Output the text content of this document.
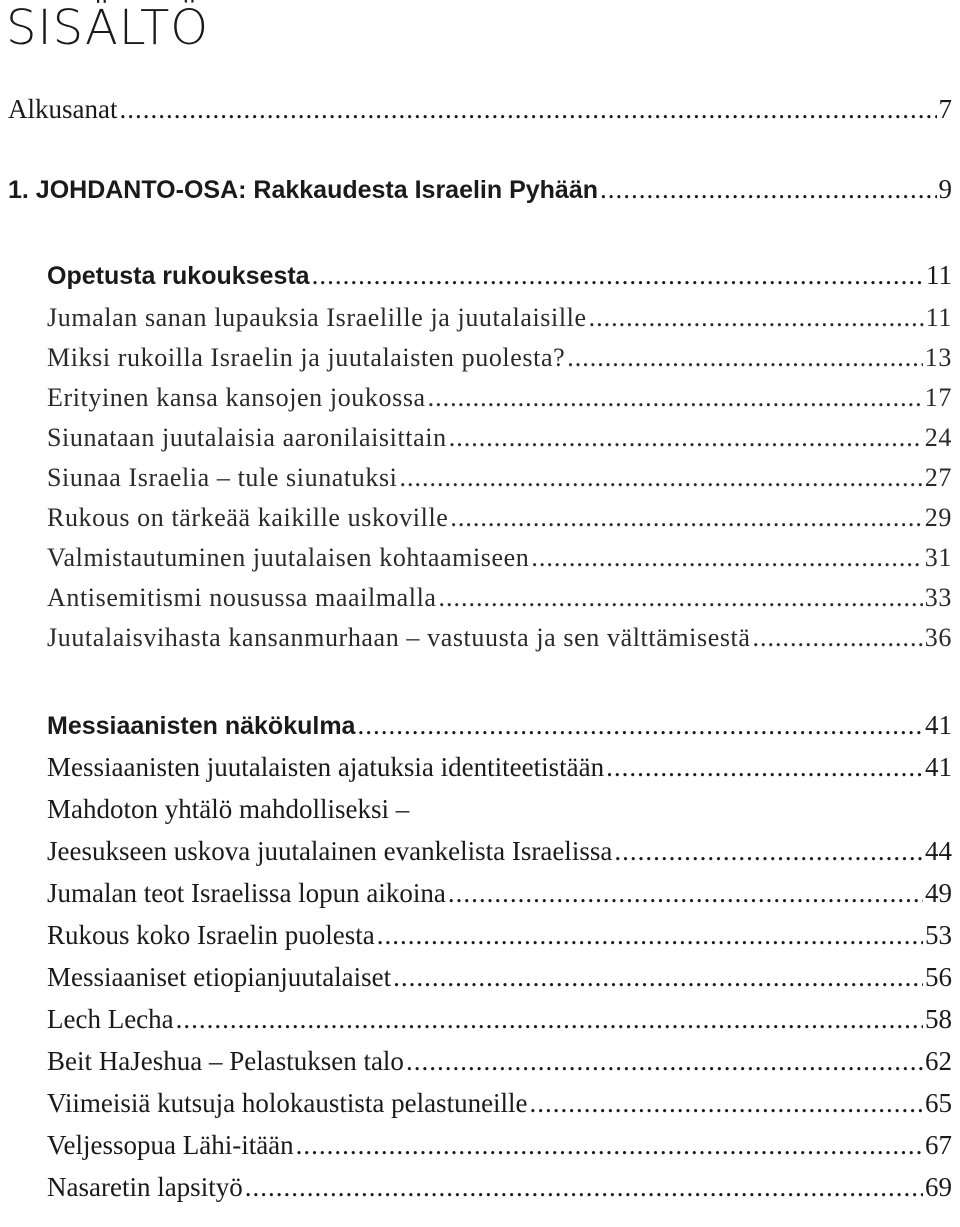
SISÄLTÖ
Alkusanat .....	7
1. JOHDANTO-OSA: Rakkaudesta Israelin Pyhään .....	9
Opetusta rukouksesta .....	11
Jumalan sanan lupauksia Israelille ja juutalaisille .....	11
Miksi rukoilla Israelin ja juutalaisten puolesta? .....	13
Erityinen kansa kansojen joukossa .....	17
Siunataan juutalaisia aaronilaisittain .....	24
Siunaa Israelia – tule siunatuksi .....	27
Rukous on tärkeää kaikille uskoville .....	29
Valmistautuminen juutalaisen kohtaamiseen .....	31
Antisemitismi nousussa maailmalla .....	33
Juutalaisvihasta kansanmurhaan – vastuusta ja sen välttämisestä .....	36
Messiaanisten näkökulma .....	41
Messiaanisten juutalaisten ajatuksia identiteetistään .....	41
Mahdoton yhtälö mahdolliseksi –
Jeesukseen uskova juutalainen evankelista Israelissa .....	44
Jumalan teot Israelissa lopun aikoina .....	49
Rukous koko Israelin puolesta .....	53
Messiaaniset etiopianjuutalaiset .....	56
Lech Lecha .....	58
Beit HaJeshua – Pelastuksen talo .....	62
Viimeisiä kutsuja holokaustista pelastuneille .....	65
Veljessopua Lähi-itään .....	67
Nasaretin lapsityö .....	69
